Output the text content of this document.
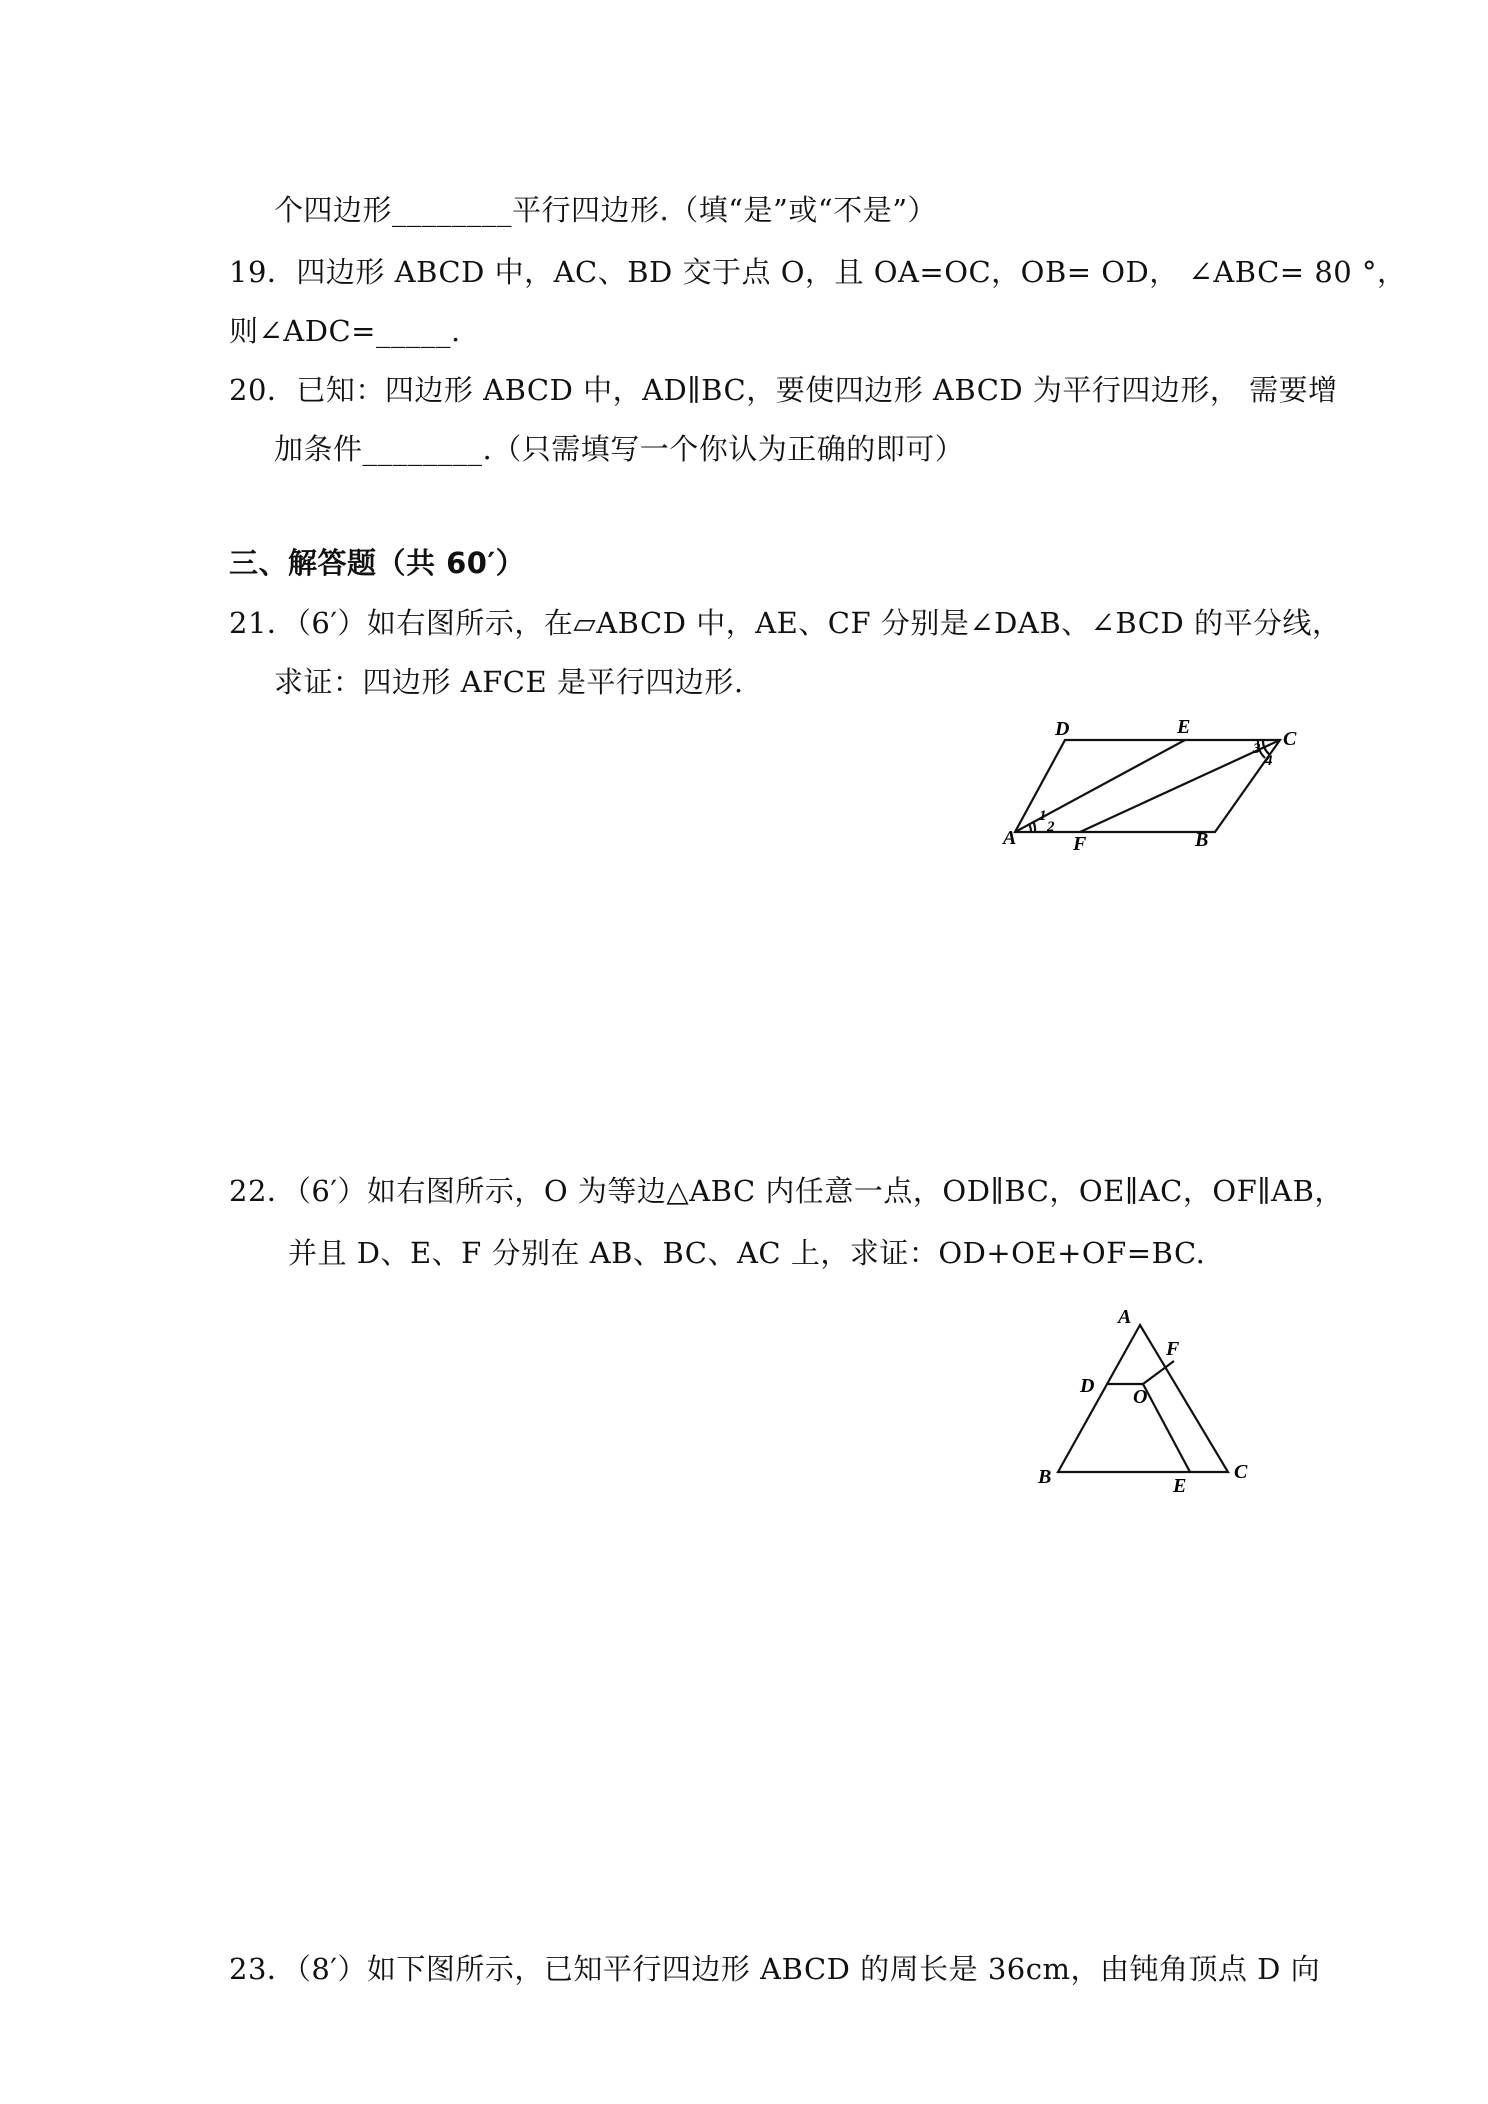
个四边形________平行四边形.（填“是”或“不是”）
19．四边形 ABCD 中，AC、BD 交于点 O，且 OA=OC，OB= OD， ∠ABC= 80 °，
则∠ADC=_____.
20．已知：四边形 ABCD 中，AD∥BC，要使四边形 ABCD 为平行四边形， 需要增
加条件________.（只需填写一个你认为正确的即可）
三、解答题（共 60′）
21．（6′）如右图所示，在▱ABCD 中，AE、CF 分别是∠DAB、∠BCD 的平分线，
求证：四边形 AFCE 是平行四边形.
D	E
C
3
4
1
2
A	F	B
22．（6′）如右图所示，O 为等边△ABC 内任意一点，OD∥BC，OE∥AC，OF∥AB，
并且 D、E、F 分别在 AB、BC、AC 上，求证：OD+OE+OF=BC.
A
F
D O
B	E
C
23．（8′）如下图所示，已知平行四边形 ABCD 的周长是 36cm，由钝角顶点 D 向
